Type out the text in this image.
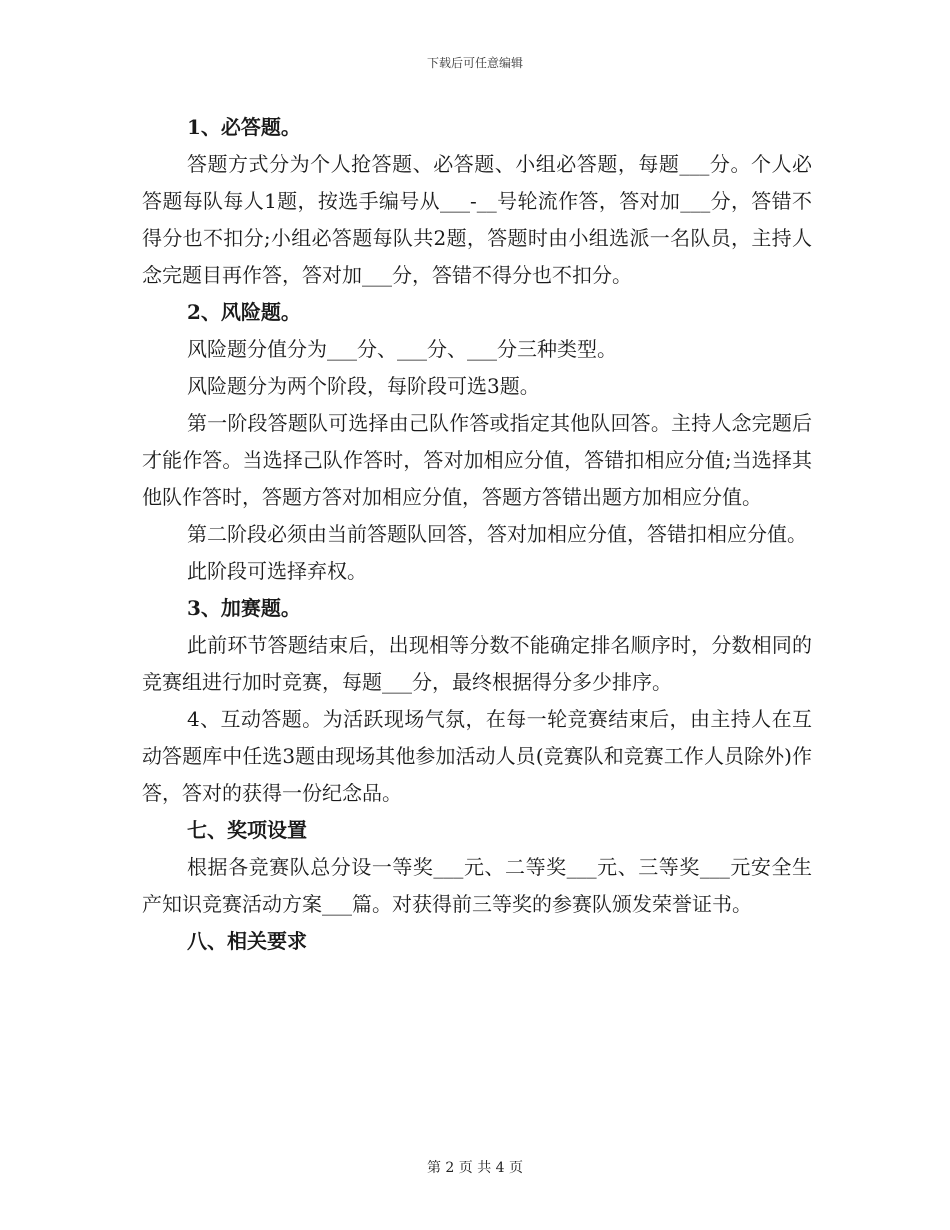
下载后可任意编辑

1、必答题。

答题方式分为个人抢答题、必答题、小组必答题，每题___分。个人必答题每队每人1题，按选手编号从___-__号轮流作答，答对加___分，答错不得分也不扣分;小组必答题每队共2题，答题时由小组选派一名队员，主持人念完题目再作答，答对加___分，答错不得分也不扣分。

2、风险题。

风险题分值分为___分、___分、___分三种类型。

风险题分为两个阶段，每阶段可选3题。

第一阶段答题队可选择由己队作答或指定其他队回答。主持人念完题后才能作答。当选择己队作答时，答对加相应分值，答错扣相应分值;当选择其他队作答时，答题方答对加相应分值，答题方答错出题方加相应分值。

第二阶段必须由当前答题队回答，答对加相应分值，答错扣相应分值。

此阶段可选择弃权。

3、加赛题。

此前环节答题结束后，出现相等分数不能确定排名顺序时，分数相同的竞赛组进行加时竞赛，每题___分，最终根据得分多少排序。

4、互动答题。为活跃现场气氛，在每一轮竞赛结束后，由主持人在互动答题库中任选3题由现场其他参加活动人员(竞赛队和竞赛工作人员除外)作答，答对的获得一份纪念品。

七、奖项设置

根据各竞赛队总分设一等奖___元、二等奖___元、三等奖___元安全生产知识竞赛活动方案___篇。对获得前三等奖的参赛队颁发荣誉证书。

八、相关要求

第 2 页 共 4 页
